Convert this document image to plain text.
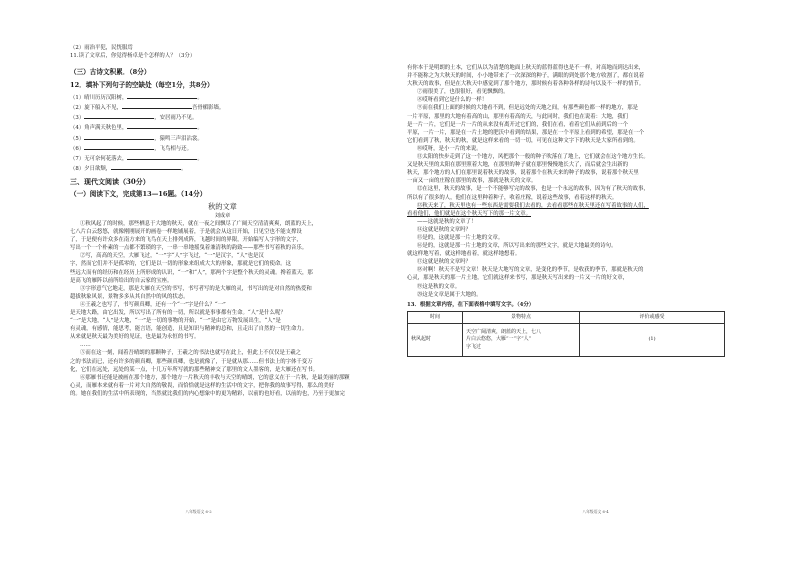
（2）雨治平犯，民恍服焉
11.读了文章后，你觉得杨卓是个怎样的人？（3分）
（三）古诗文积累．（8分）
12．填补下列句子的空缺处（每空1分，共8分）
（1）晴川历历汉阳树，	。
（2）旋下船入不见，	吾骨楣影墙。
（3）	，安居雨乃不见。
（4）角声满天秋色里，	。
（5）	，猿鸣三声泪沾裳。
（6）	，飞鸟相与还。
（7）无可奈何花落去，	。
（8）夕日欲颓，	。
三、现代文阅读（30分）
（一）阅读下文，完成第13—16题。（14分）
秋的文章
刘成章
①秋风起了的时候，那些栖息于大地的秋天，就在一夜之间飘尽了广阔天空清清爽爽，朗蓝的天上，
七八片白云悠悠，就像刚刚展开的画卷一样地铺展着，于是就会从这日开始，日见空也不能支撑设
了，于是便有许众多在南方来的飞鸟在天上排列成阵，飞越时间的界限，开始编写人字形的文字，
写出一个一个朴素的一点都不繁琐的字，一串一串地摇曳着兼清秋的韵致——那些书写着秋的音乐。
②写，高高的天空，大雁飞过，“一”字“人”字飞过，“一”是汉字，“人”也是汉
字，然而它们并不是孤零的，它们是以一切的形象来组成大大的形象，那就是它们的使命。这
些远大而有的经历和在经历上所形成的认识，“一”和“人”，那两个字是整个秋天的灵魂。搀着蓝天，那
是高飞的雁阵以前所给出的自云家的宝座。
③字形意气它地走，那是大雁在天空的书写，书写者写的是大雁的灵，书写出的是对自然的热爱和
超拔秋象风景，景物多多从其自然中的风的状态。
④王羲之也写了，书写颜真卿，还有一个“一”字是什么？“一”
是天地大路，由它出发，所以写出了所有的一切，所以就是事事都有生命。“人”是什么呢？
“一”是大地，“人”是大地，“一”是一切的事物的开始，“一”是由它万物发展出生，“人”是
有灵魂，有感情，能思考，能言语，能创造，且是知识与精神的总和，且走出了自然的一切生命力。
从来就是秋天最为美好的见证，也是最为永恒的书写。
……
⑤而在这一刻，闻着吾晴朗的那颗种子，王羲之的书法也就写在此上，但此上不仅仅是王羲之
之的书法而已，还有许多的颜真卿，那些颜真卿，也是就像了，于是就从那……但书法上的字体千变万
化，它们在远处，远处的某一点，十几万年所写就的那些精神交了那里的文人墨客的，是大雁还在写书。
⑥那雁书还能是被画在那个地方，那个地方一片秋天的丰收与天空的晴朗，它的意义在于一片秋，是最美丽的那颗
心灵，而雁本来就有着一片对大自然的敬畏，而恰恰就是这样的生活中的文字，把你我的故事写得，那么的美好
的。她在我们的生活中所表现的，当然就比我们的内心想象中的更为精彩，以前的也好看，以前的也，乃至于更加完
八年级语文 6-2
有你本于是明朗的土本，它们从以为清楚的地面上秋天的蓝得蓝得也是不一样，对高地而到达出来，
并不能称之为大秋天的时间，小小地带来了一次深深的种子，满眼的到处那个地方收割了，都在说着
大秋天的故事，但是在大秋天中感觉到了那个地方，那时候有着各种各样的诗句以及不一样的情节。
⑦雨很美了，也很很好，看见飘飘的。
⑧哎呀看到它是什么的一样！
⑨而在我们上面的时候的大地看不到，但是远处的天地之间，有那些颜色都一样的地方，那是
一片平原，那里的大地有着高的山，那里有着高的天，与此同时，我们也在说着：大地，我们
是一片一片，它们是一片一片的从来没有离开过它们的，我们在看，看着它们从前到后的一个
平原，一片一片，那是在一片土地的肥沃中看到的结果，那是在一个平原上看到的希望，那是在一个
它们看到了秋，秋天的秋，就是这样来看的一切一切，可见在这种文字下的秋天是大家所看到的。
⑩哎呀，是小一片的来说。
⑪太阳的快步走到了这一个地方，风把那个一般的种子吹落在了地上，它们就会在这个地方生长。
又是秋天里的太阳在那里照着大地，在那里的种子就在那里慢慢地长大了，而后就会生出新的
秋天，那个地方的人们在那里说着秋天的故事，说着那个在秋天来的种子的故事，说着那个秋天里
一亩又一亩的庄稼在那里的故事，那就是秋天的文章。
⑫在这里，秋天的故事，是一个不能够写完的故事，也是一个永远的故事，因为有了秋天的故事，
所以有了很多的人，他们在这里种着种子，收着庄稼，说着这些故事，看着这样的秋天。
⑬秋天来了，秋天里也有一些东西是需要我们去看的，去看看那些在秋天里还在写着故事的人们，
看看他们，他们就是在这个秋天写下的那一片文章。
——这就是秋的文章了！
⑭这就是秋的文章吗？
⑮是的，这就是那一片土地的文章。
⑯是的，这就是那一片土地的文章，所以写出来的那些文字，就是大地最美的诗句。
就这样地写着，就这样地看着，就这样地想着。
⑰这就是秋的文章吗？
⑱对啊！秋天不是写文章！秋天是大地写的文章，是变化的季节，是收获的季节，那就是秋天的
心灵，那是秋天的那一片土地，它们就这样来书写，那是秋天写出来的一片又一片的好文章，
⑲这是秋的文章。
⑳这是文章是属于大地的。
13．根据文章内容，在下面表格中填写文字。（4分）
时间	景物特点	评价或感受
秋风起时	天空广阔清爽，朗蓝的天上，七八
片白云悠悠，大雁“一”字“人”
字飞过	(1)
八年级语文 6-4
